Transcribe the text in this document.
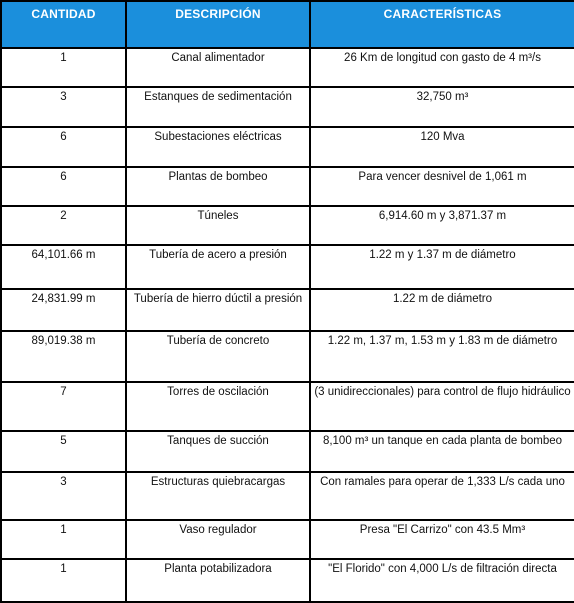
CANTIDAD	DESCRIPCIÓN	CARACTERÍSTICAS
1	Canal alimentador	26 Km de longitud con gasto de 4 m³/s
3	Estanques de sedimentación	32,750 m³
6	Subestaciones eléctricas	120 Mva
6	Plantas de bombeo	Para vencer desnivel de 1,061 m
2	Túneles	6,914.60 m y 3,871.37 m
64,101.66 m	Tubería de acero a presión	1.22 m y 1.37 m de diámetro
24,831.99 m	Tubería de hierro dúctil a presión	1.22 m de diámetro
89,019.38 m	Tubería de concreto	1.22 m, 1.37 m, 1.53 m y 1.83 m de diámetro
7	Torres de oscilación	(3 unidireccionales) para control de flujo hidráulico
5	Tanques de succión	8,100 m³ un tanque en cada planta de bombeo
3	Estructuras quiebracargas	Con ramales para operar de 1,333 L/s cada uno
1	Vaso regulador	Presa "El Carrizo" con 43.5 Mm³
1	Planta potabilizadora	"El Florido" con 4,000 L/s de filtración directa
